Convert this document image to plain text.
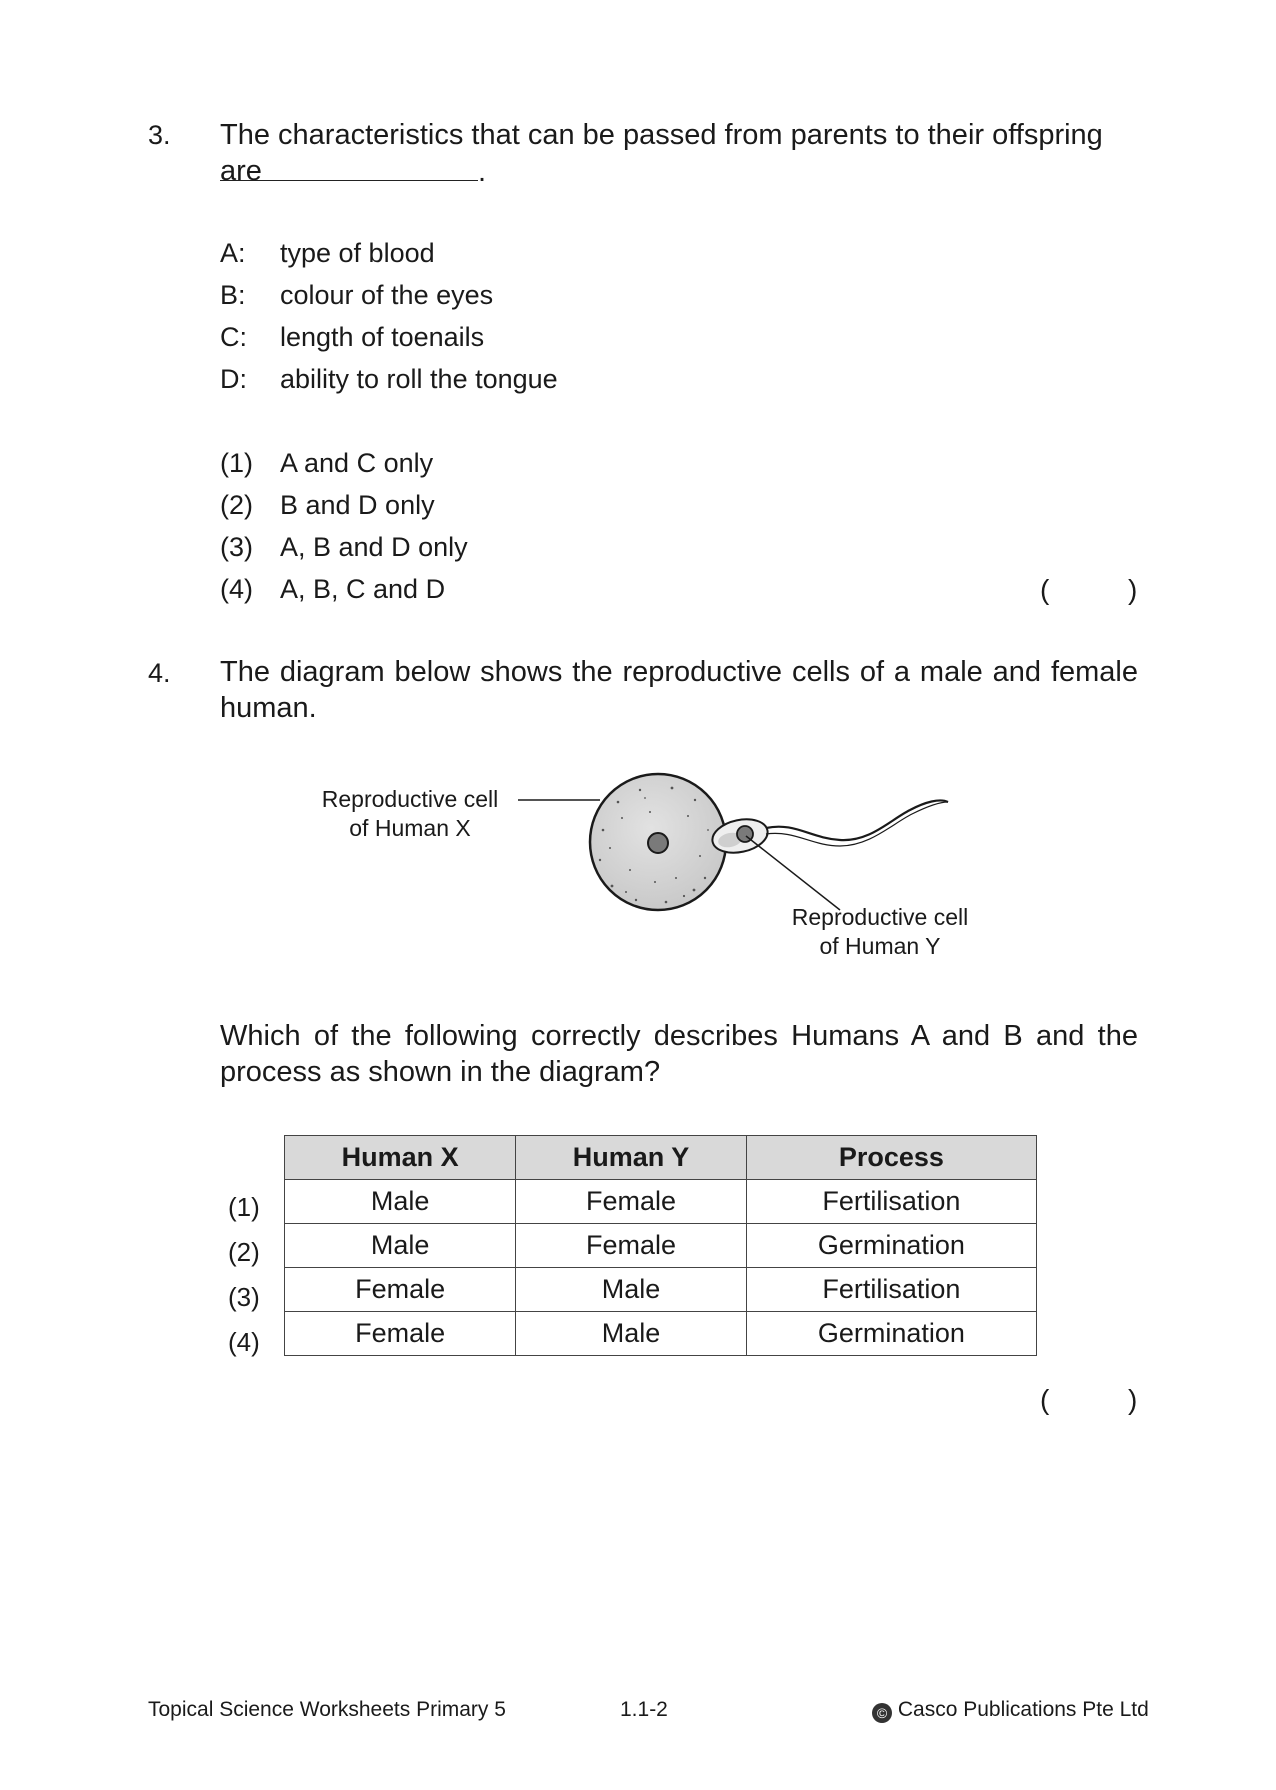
3. The characteristics that can be passed from parents to their offspring are	.
A: type of blood
B: colour of the eyes
C: length of toenails
D: ability to roll the tongue
(1) A and C only
(2) B and D only
(3) A, B and D only
(4) A, B, C and D	(	)
4. The diagram below shows the reproductive cells of a male and female human.
Reproductive cell
of Human X
Reproductive cell
of Human Y
Which of the following correctly describes Humans A and B and the process as shown in the diagram?
(1)
(2)
(3)
(4)
Human X	Human Y	Process
Male	Female	Fertilisation
Male	Female	Germination
Female	Male	Fertilisation
Female	Male	Germination
(	)
Topical Science Worksheets Primary 5	1.1-2	© Casco Publications Pte Ltd
